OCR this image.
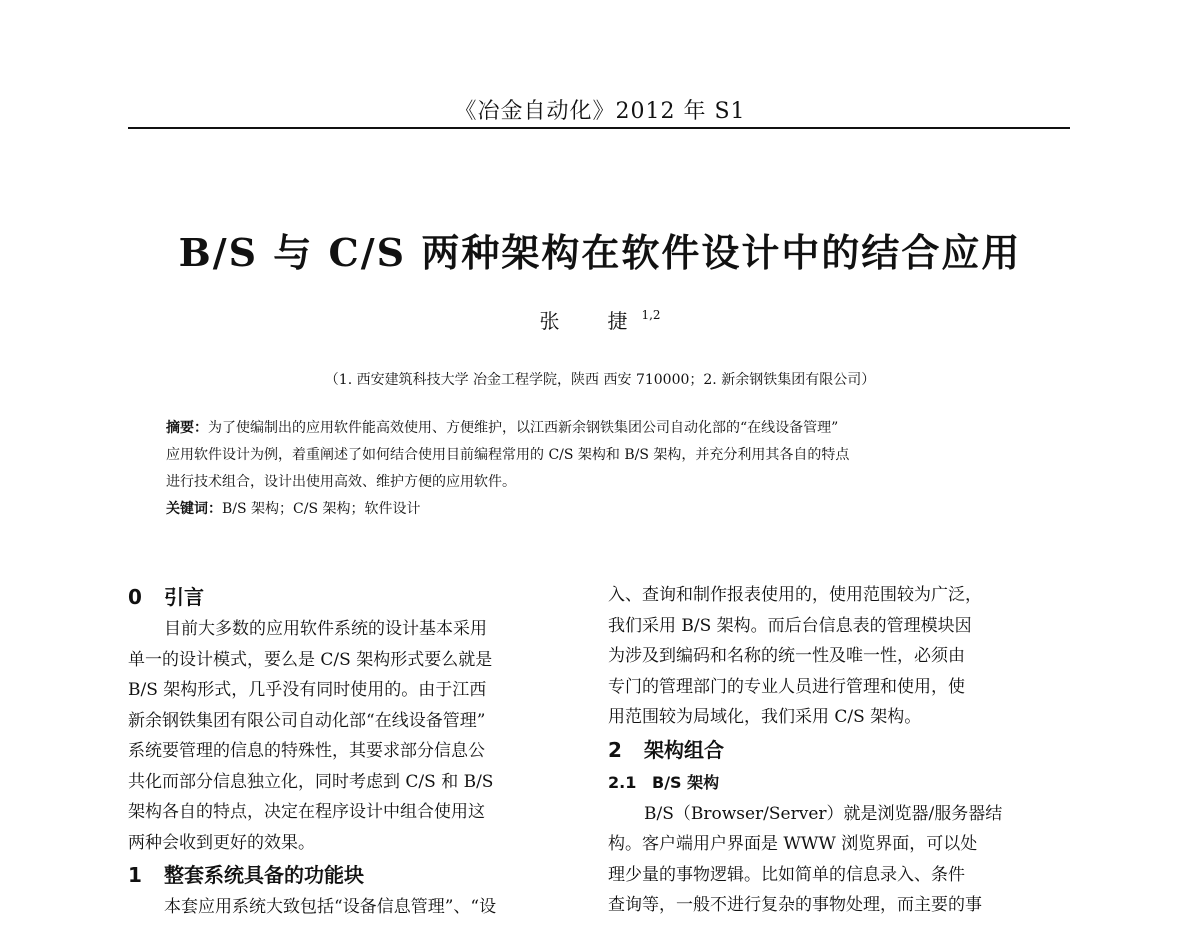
《冶金自动化》2012 年 S1
B/S 与 C/S 两种架构在软件设计中的结合应用
张　捷$^{1,2}$
（1. 西安建筑科技大学 冶金工程学院，陕西 西安 710000；2. 新余钢铁集团有限公司）
摘要：为了使编制出的应用软件能高效使用、方便维护，以江西新余钢铁集团公司自动化部的“在线设备管理”
应用软件设计为例，着重阐述了如何结合使用目前编程常用的 C/S 架构和 B/S 架构，并充分利用其各自的特点
进行技术组合，设计出使用高效、维护方便的应用软件。
关键词：B/S 架构；C/S 架构；软件设计
0 引言
目前大多数的应用软件系统的设计基本采用
单一的设计模式，要么是 C/S 架构形式要么就是
B/S 架构形式，几乎没有同时使用的。由于江西
新余钢铁集团有限公司自动化部“在线设备管理”
系统要管理的信息的特殊性，其要求部分信息公
共化而部分信息独立化，同时考虑到 C/S 和 B/S
架构各自的特点，决定在程序设计中组合使用这
两种会收到更好的效果。
1 整套系统具备的功能块
本套应用系统大致包括“设备信息管理”、“设
入、查询和制作报表使用的，使用范围较为广泛，
我们采用 B/S 架构。而后台信息表的管理模块因
为涉及到编码和名称的统一性及唯一性，必须由
专门的管理部门的专业人员进行管理和使用，使
用范围较为局域化，我们采用 C/S 架构。
2 架构组合
2.1 B/S 架构
B/S（Browser/Server）就是浏览器/服务器结
构。客户端用户界面是 WWW 浏览界面，可以处
理少量的事物逻辑。比如简单的信息录入、条件
查询等，一般不进行复杂的事物处理，而主要的事
